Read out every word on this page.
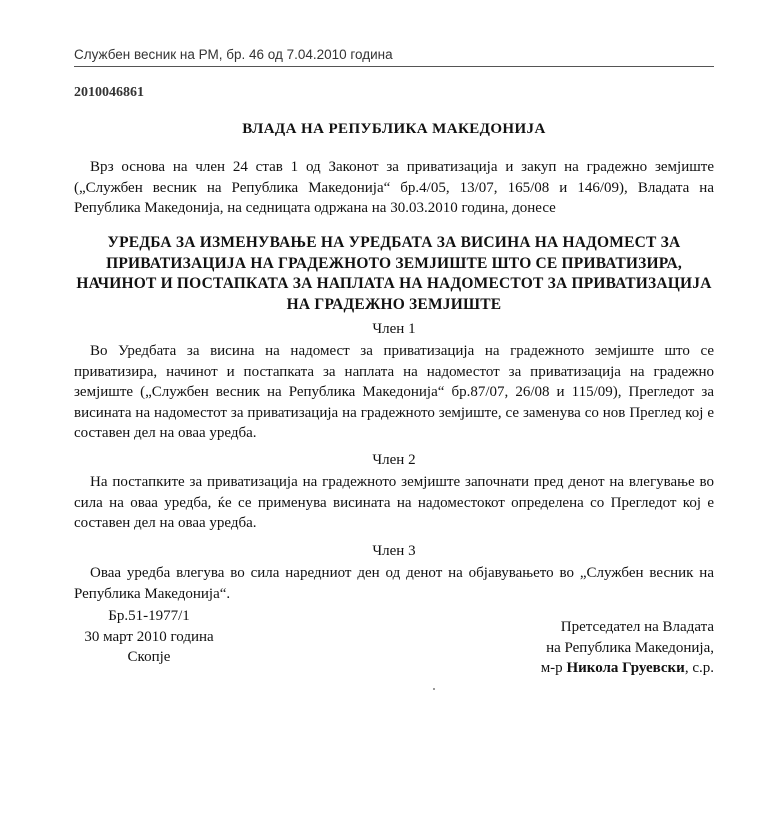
Службен весник на РМ, бр. 46 од 7.04.2010 година
2010046861
ВЛАДА НА РЕПУБЛИКА МАКЕДОНИЈА
Врз основа на член 24 став 1 од Законот за приватизација и закуп на градежно земјиште („Службен весник на Република Македонија“ бр.4/05, 13/07, 165/08 и 146/09), Владата на Република Македонија, на седницата одржана на 30.03.2010 година, донесе
УРЕДБА ЗА ИЗМЕНУВАЊЕ НА УРЕДБАТА ЗА ВИСИНА НА НАДОМЕСТ ЗА ПРИВАТИЗАЦИЈА НА ГРАДЕЖНОТО ЗЕМЈИШТЕ ШТО СЕ ПРИВАТИЗИРА, НАЧИНОТ И ПОСТАПКАТА ЗА НАПЛАТА НА НАДОМЕСТОТ ЗА ПРИВАТИЗАЦИЈА НА ГРАДЕЖНО ЗЕМЈИШТЕ
Член 1
Во Уредбата за висина на надомест за приватизација на градежното земјиште што се приватизира, начинот и постапката за наплата на надоместот за приватизација на градежно земјиште („Службен весник на Република Македонија“ бр.87/07, 26/08 и 115/09), Прегледот за висината на надоместот за приватизација на градежното земјиште, се заменува со нов Преглед кој е составен дел на оваа уредба.
Член 2
На постапките за приватизација на градежното земјиште започнати пред денот на влегување во сила на оваа уредба, ќе се применува висината на надоместокот определена со Прегледот кој е составен дел на оваа уредба.
Член 3
Оваа уредба влегува во сила наредниот ден од денот на објавувањето во „Службен весник на Република Македонија“.
Бр.51-1977/1
30 март 2010 година
Скопје
Претседател на Владата
на Република Македонија,
м-р Никола Груевски, с.р.
